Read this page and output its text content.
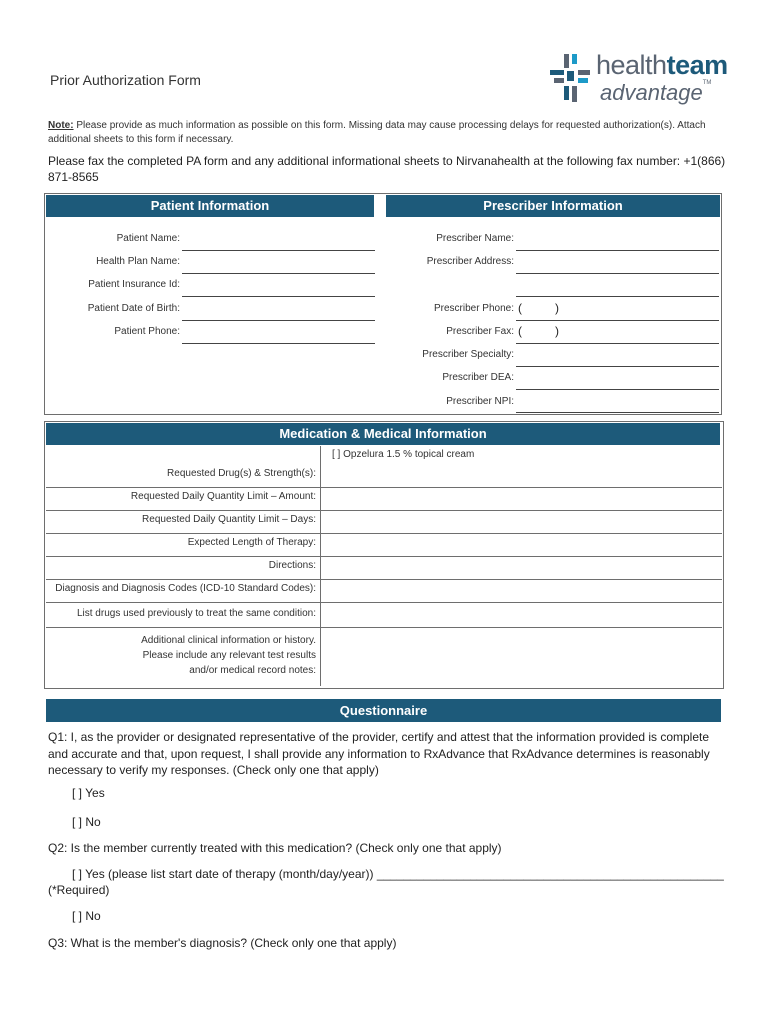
Prior Authorization Form	healthteam
advantage™
Note: Please provide as much information as possible on this form. Missing data may cause processing delays for requested authorization(s). Attach additional sheets to this form if necessary.
Please fax the completed PA form and any additional informational sheets to Nirvanahealth at the following fax number: +1(866) 871-8565
Patient Information	Prescriber Information
Patient Name:
Health Plan Name:
Patient Insurance Id:
Patient Date of Birth:
Patient Phone:
Prescriber Name:
Prescriber Address:
Prescriber Phone: (	)
Prescriber Fax: (	)
Prescriber Specialty:
Prescriber DEA:
Prescriber NPI:
Medication & Medical Information
Requested Drug(s) & Strength(s):
[ ] Opzelura 1.5 % topical cream
Requested Daily Quantity Limit – Amount:
Requested Daily Quantity Limit – Days:
Expected Length of Therapy:
Directions:
Diagnosis and Diagnosis Codes (ICD-10 Standard Codes):
List drugs used previously to treat the same condition:
Additional clinical information or history.
Please include any relevant test results
and/or medical record notes:
Questionnaire
Q1: I, as the provider or designated representative of the provider, certify and attest that the information provided is complete and accurate and that, upon request, I shall provide any information to RxAdvance that RxAdvance determines is reasonably necessary to verify my responses. (Check only one that apply)
[ ] Yes
[ ] No
Q2: Is the member currently treated with this medication? (Check only one that apply)
[ ] Yes (please list start date of therapy (month/day/year)) ____________________________________________________
(*Required)
[ ] No
Q3: What is the member's diagnosis? (Check only one that apply)
